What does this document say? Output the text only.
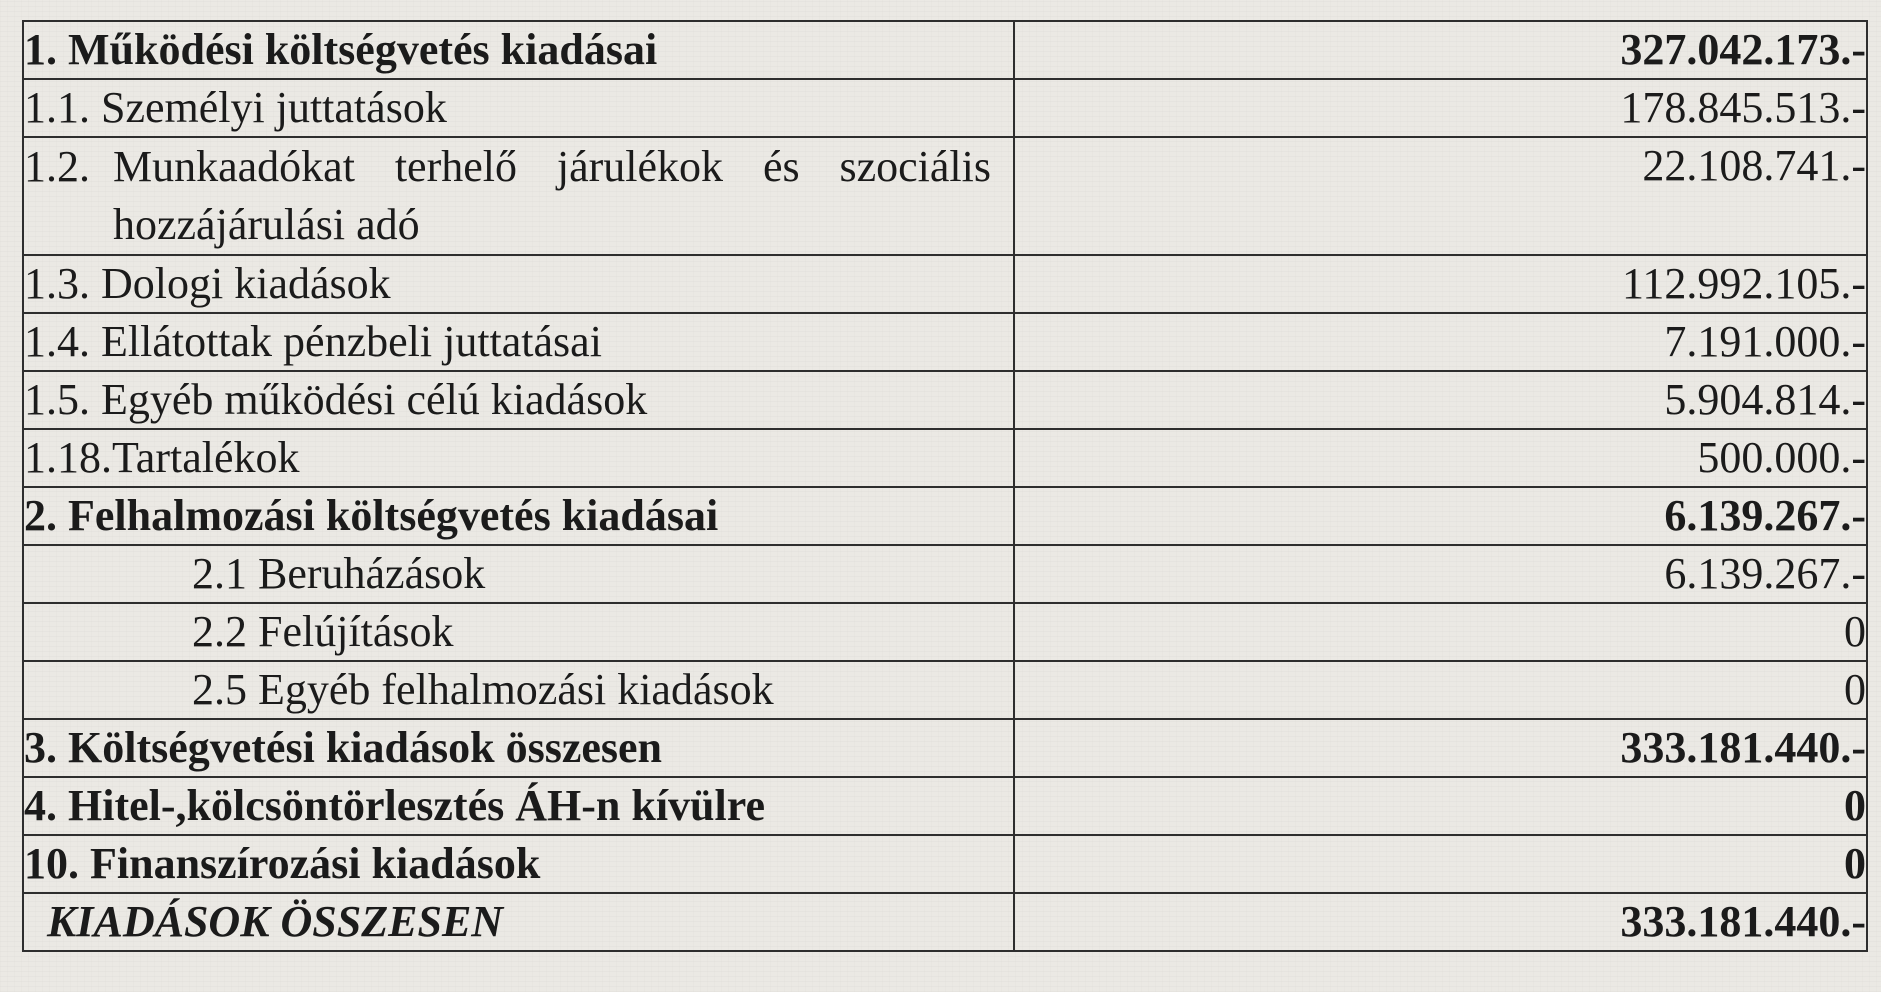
1. Működési költségvetés kiadásai	327.042.173.-
1.1. Személyi juttatások	178.845.513.-

1.2. Munkaadókat terhelő járulékok és szociális hozzájárulási adó	22.108.741.-
1.3. Dologi kiadások	112.992.105.-
1.4. Ellátottak pénzbeli juttatásai	7.191.000.-
1.5. Egyéb működési célú kiadások	5.904.814.-
1.18.Tartalékok	500.000.-
2. Felhalmozási költségvetés kiadásai	6.139.267.-
2.1 Beruházások	6.139.267.-
2.2 Felújítások	0
2.5 Egyéb felhalmozási kiadások	0
3. Költségvetési kiadások összesen	333.181.440.-
4. Hitel-,kölcsöntörlesztés ÁH-n kívülre	0
10. Finanszírozási kiadások	0
KIADÁSOK ÖSSZESEN	333.181.440.-
